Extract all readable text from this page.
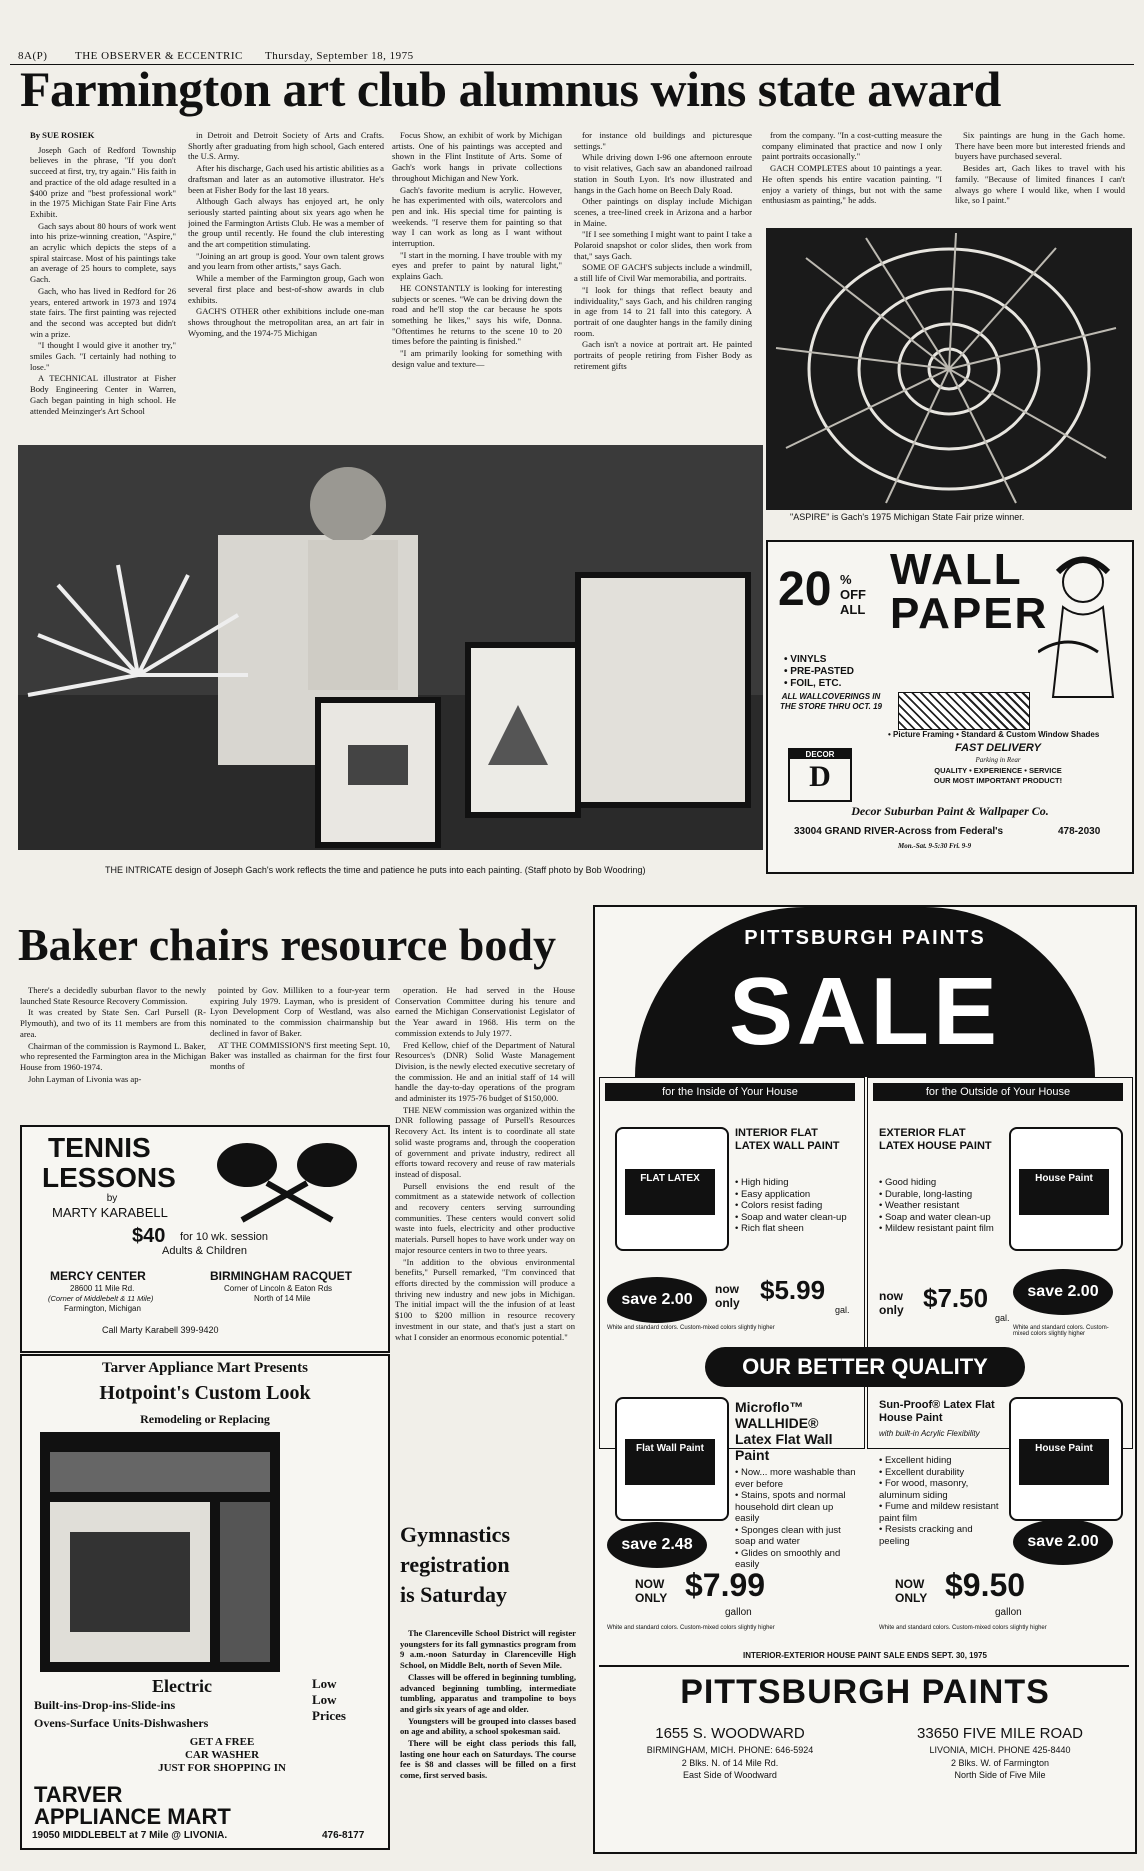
8A(P)	THE OBSERVER & ECCENTRIC Thursday, September 18, 1975
Farmington art club alumnus wins state award

By SUE ROSIEK

Joseph Gach of Redford Township believes in the phrase, "If you don't succeed at first, try, try again." His faith in and practice of the old adage resulted in a $400 prize and "best professional work" in the 1975 Michigan State Fair Fine Arts Exhibit.

Gach says about 80 hours of work went into his prize-winning creation, "Aspire," an acrylic which depicts the steps of a spiral staircase. Most of his paintings take an average of 25 hours to complete, says Gach.

Gach, who has lived in Redford for 26 years, entered artwork in 1973 and 1974 state fairs. The first painting was rejected and the second was accepted but didn't win a prize.

"I thought I would give it another try," smiles Gach. "I certainly had nothing to lose."

A TECHNICAL illustrator at Fisher Body Engineering Center in Warren, Gach began painting in high school. He attended Meinzinger's Art School

in Detroit and Detroit Society of Arts and Crafts. Shortly after graduating from high school, Gach entered the U.S. Army.

After his discharge, Gach used his artistic abilities as a draftsman and later as an automotive illustrator. He's been at Fisher Body for the last 18 years.

Although Gach always has enjoyed art, he only seriously started painting about six years ago when he joined the Farmington Artists Club. He was a member of the group until recently. He found the club interesting and the art competition stimulating.

"Joining an art group is good. Your own talent grows and you learn from other artists," says Gach.

While a member of the Farmington group, Gach won several first place and best-of-show awards in club exhibits.

GACH'S OTHER other exhibitions include one-man shows throughout the metropolitan area, an art fair in Wyoming, and the 1974-75 Michigan

Focus Show, an exhibit of work by Michigan artists. One of his paintings was accepted and shown in the Flint Institute of Arts. Some of Gach's work hangs in private collections throughout Michigan and New York.

Gach's favorite medium is acrylic. However, he has experimented with oils, watercolors and pen and ink. His special time for painting is weekends. "I reserve them for painting so that way I can work as long as I want without interruption.

"I start in the morning. I have trouble with my eyes and prefer to paint by natural light," explains Gach.

HE CONSTANTLY is looking for interesting subjects or scenes. "We can be driving down the road and he'll stop the car because he spots something he likes," says his wife, Donna. "Oftentimes he returns to the scene 10 to 20 times before the painting is finished."

"I am primarily looking for something with design value and texture—

for instance old buildings and picturesque settings."

While driving down I-96 one afternoon enroute to visit relatives, Gach saw an abandoned railroad station in South Lyon. It's now illustrated and hangs in the Gach home on Beech Daly Road.

Other paintings on display include Michigan scenes, a tree-lined creek in Arizona and a harbor in Maine.

"If I see something I might want to paint I take a Polaroid snapshot or color slides, then work from that," says Gach.

SOME OF GACH'S subjects include a windmill, a still life of Civil War memorabilia, and portraits.

"I look for things that reflect beauty and individuality," says Gach, and his children ranging in age from 14 to 21 fall into this category. A portrait of one daughter hangs in the family dining room.

Gach isn't a novice at portrait art. He painted portraits of people retiring from Fisher Body as retirement gifts

from the company. "In a cost-cutting measure the company eliminated that practice and now I only paint portraits occasionally."

GACH COMPLETES about 10 paintings a year. He often spends his entire vacation painting. "I enjoy a variety of things, but not with the same enthusiasm as painting," he adds.

Six paintings are hung in the Gach home. There have been more but interested friends and buyers have purchased several.

Besides art, Gach likes to travel with his family. "Because of limited finances I can't always go where I would like, when I would like, so I paint."

"ASPIRE" is Gach's 1975 Michigan State Fair prize winner.
THE INTRICATE design of Joseph Gach's work reflects the time and patience he puts into each painting. (Staff photo by Bob Woodring)
20 % OFF ALL
WALL
PAPER
• VINYLS
• PRE-PASTED
• FOIL, ETC.
ALL WALLCOVERINGS IN THE STORE THRU OCT. 19
• Picture Framing • Standard & Custom Window Shades
DECOR
D
FAST DELIVERY
Parking in Rear
QUALITY • EXPERIENCE • SERVICE
OUR MOST IMPORTANT PRODUCT!
Decor Suburban Paint & Wallpaper Co.
33004 GRAND RIVER-Across from Federal's	478-2030
Mon.-Sat. 9-5:30 Fri. 9-9
Baker chairs resource body

There's a decidedly suburban flavor to the newly launched State Resource Recovery Commission.

It was created by State Sen. Carl Pursell (R-Plymouth), and two of its 11 members are from this area.

Chairman of the commission is Raymond L. Baker, who represented the Farmington area in the Michigan House from 1960-1974.

John Layman of Livonia was ap-

pointed by Gov. Milliken to a four-year term expiring July 1979. Layman, who is president of Lyon Development Corp of Westland, was also nominated to the commission chairmanship but declined in favor of Baker.

AT THE COMMISSION'S first meeting Sept. 10, Baker was installed as chairman for the first four months of

operation. He had served in the House Conservation Committee during his tenure and earned the Michigan Conservationist Legislator of the Year award in 1968. His term on the commission extends to July 1977.

Fred Kellow, chief of the Department of Natural Resources's (DNR) Solid Waste Management Division, is the newly elected executive secretary of the commission. He and an initial staff of 14 will handle the day-to-day operations of the program and administer its 1975-76 budget of $150,000.

THE NEW commission was organized within the DNR following passage of Pursell's Resources Recovery Act. Its intent is to coordinate all state solid waste programs and, through the cooperation of government and private industry, redirect all efforts toward recovery and reuse of raw materials instead of disposal.

Pursell envisions the end result of the commitment as a statewide network of collection and recovery centers serving surrounding communities. These centers would convert solid waste into fuels, electricity and other productive materials. Pursell hopes to have work under way on major resource centers in two to three years.

"In addition to the obvious environmental benefits," Pursell remarked, "I'm convinced that efforts directed by the commission will produce a thriving new industry and new jobs in Michigan. The initial impact will the the infusion of at least $100 to $200 million in resource recovery investment in our state, and that's just a start on what I consider an enormous economic potential."

Gymnastics
registration
is Saturday

The Clarenceville School District will register youngsters for its fall gymnastics program from 9 a.m.-noon Saturday in Clarenceville High School, on Middle Belt, north of Seven Mile.

Classes will be offered in beginning tumbling, advanced beginning tumbling, intermediate tumbling, apparatus and trampoline to boys and girls six years of age and older.

Youngsters will be grouped into classes based on age and ability, a school spokesman said.

There will be eight class periods this fall, lasting one hour each on Saturdays. The course fee is $8 and classes will be filled on a first come, first served basis.

TENNIS
LESSONS
by
MARTY KARABELL
$40 for 10 wk. session
Adults & Children
MERCY CENTER
28600 11 Mile Rd.
(Corner of Middlebelt & 11 Mile)
Farmington, Michigan
BIRMINGHAM RACQUET
Corner of Lincoln & Eaton Rds
North of 14 Mile
Call Marty Karabell 399-9420
Tarver Appliance Mart Presents
Hotpoint's Custom Look
Remodeling or Replacing
Electric	Low
Low
Prices
Built-ins-Drop-ins-Slide-ins
Ovens-Surface Units-Dishwashers
GET A FREE
CAR WASHER
JUST FOR SHOPPING IN
TARVER
APPLIANCE MART
19050 MIDDLEBELT at 7 Mile @ LIVONIA.	476-8177
PITTSBURGH PAINTS
SALE
for the Inside of Your House	for the Outside of Your House
FLAT LATEX
INTERIOR FLAT LATEX WALL PAINT
• High hiding
• Easy application
• Colors resist fading
• Soap and water clean-up
• Rich flat sheen
save 2.00
now only $5.99
gal.
White and standard colors. Custom-mixed colors slightly higher
EXTERIOR FLAT LATEX HOUSE PAINT
House Paint
• Good hiding
• Durable, long-lasting
• Weather resistant
• Soap and water clean-up
• Mildew resistant paint film
now only $7.50
gal.
save 2.00
White and standard colors. Custom-mixed colors slightly higher
OUR BETTER QUALITY
Flat Wall Paint
Microflo™ WALLHIDE® Latex Flat Wall Paint
• Now... more washable than ever before
• Stains, spots and normal household dirt clean up easily
• Sponges clean with just soap and water
• Glides on smoothly and easily
save 2.48
NOW ONLY $7.99
gallon
White and standard colors. Custom-mixed colors slightly higher
Sun-Proof® Latex Flat House Paint
with built-in Acrylic Flexibility
House Paint
• Excellent hiding
• Excellent durability
• For wood, masonry, aluminum siding
• Fume and mildew resistant paint film
• Resists cracking and peeling	save 2.00
NOW ONLY $9.50
gallon
White and standard colors. Custom-mixed colors slightly higher
INTERIOR-EXTERIOR HOUSE PAINT SALE ENDS SEPT. 30, 1975
PITTSBURGH PAINTS
1655 S. WOODWARD
BIRMINGHAM, MICH. PHONE: 646-5924
2 Blks. N. of 14 Mile Rd.
East Side of Woodward
33650 FIVE MILE ROAD
LIVONIA, MICH. PHONE 425-8440
2 Blks. W. of Farmington
North Side of Five Mile
